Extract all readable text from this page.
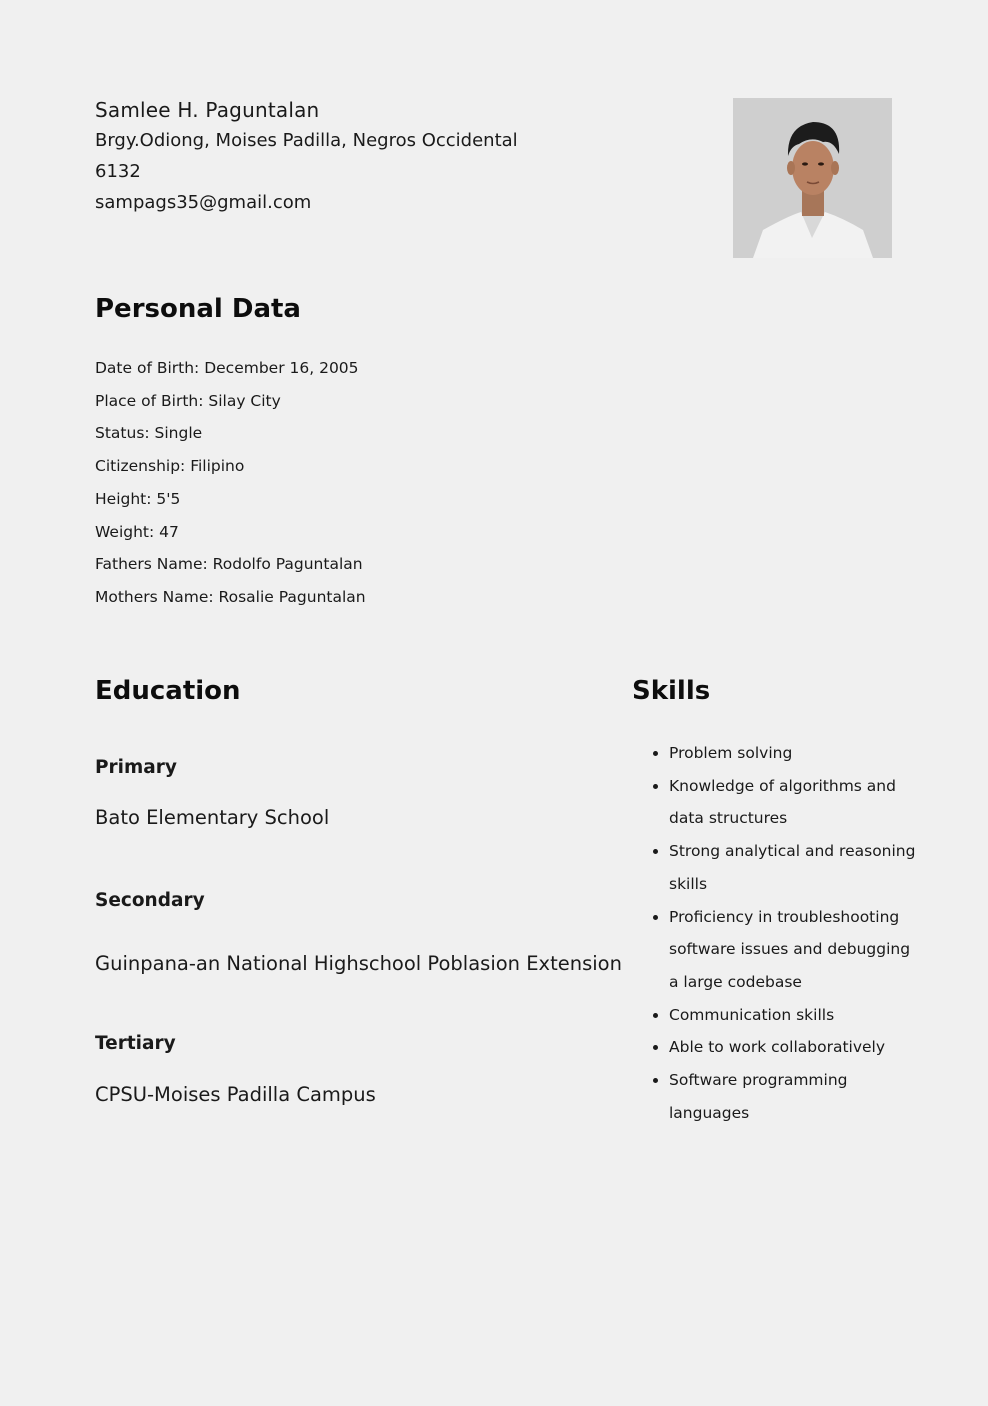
Samlee H. Paguntalan
Brgy.Odiong, Moises Padilla, Negros Occidental
6132
sampags35@gmail.com
Personal Data
Date of Birth: December 16, 2005
Place of Birth: Silay City
Status: Single
Citizenship: Filipino
Height: 5'5
Weight: 47
Fathers Name: Rodolfo Paguntalan
Mothers Name: Rosalie Paguntalan
Education
Primary
Bato Elementary School
Secondary
Guinpana-an National Highschool Poblasion Extension
Tertiary
CPSU-Moises Padilla Campus
Skills
• Problem solving
• Knowledge of algorithms and data structures
• Strong analytical and reasoning skills
• Proficiency in troubleshooting software issues and debugging a large codebase
• Communication skills
• Able to work collaboratively
• Software programming languages
